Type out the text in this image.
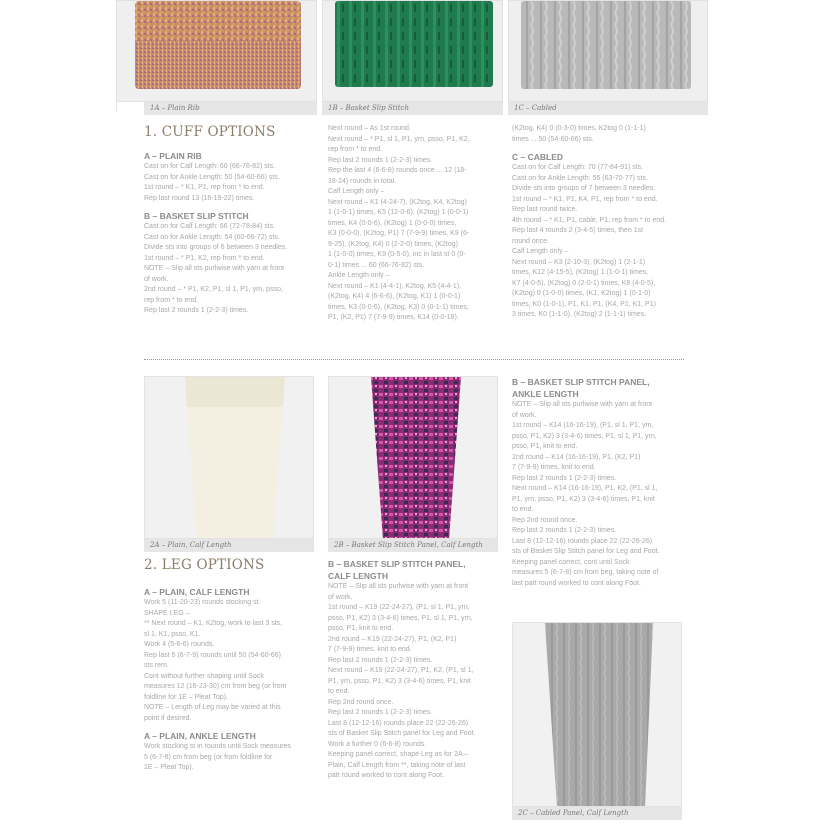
1A – Plain Rib	1B – Basket Slip Stitch	1C – Cabled
1. CUFF OPTIONS
A – PLAIN RIB
Cast on for Calf Length: 60 (66-76-82) sts.
Cast on for Ankle Length: 50 (54-60-66) sts.
1st round – * K1, P1, rep from * to end.
Rep last round 13 (16-19-22) times.
B – BASKET SLIP STITCH
Cast on for Calf Length: 66 (72-78-84) sts.
Cast on for Ankle Length: 54 (60-66-72) sts.
Divide sts into groups of 6 between 3 needles.
1st round – * P1, K2, rep from * to end.
NOTE – Slip all sts purlwise with yarn at front
of work.
2nd round – * P1, K2, P1, sl 1, P1, yrn, psso,
rep from * to end.
Rep last 2 rounds 1 (2-2-3) times.
Next round – As 1st round.
Next round – * P1, sl 1, P1, yrn, psso, P1, K2,
rep from * to end.
Rep last 2 rounds 1 (2-2-3) times.
Rep the last 4 (6-6-8) rounds once ... 12 (18-
18-24) rounds in total.
Calf Length only –
Next round – K1 (4-24-7), (K2tog, K4, K2tog)
1 (1-0-1) times, K5 (12-0-6), (K2tog) 1 (0-0-1)
times, K4 (0-0-6), (K2tog) 1 (0-0-0) times,
K3 (0-0-0), (K2tog, P1) 7 (7-9-9) times, K9 (6-
9-25), (K2tog, K4) 0 (2-2-0) times, (K2tog)
1 (1-0-0) times, K9 (0-5-0), inc in last st 0 (0-
0-1) times ... 60 (66-76-82) sts.
Ankle Length only –
Next round – K1 (4-4-1), K2tog, K5 (4-4-1),
(K2tog, K4) 4 (6-6-6), (K2tog, K1) 1 (0-0-1)
times, K3 (0-0-6), (K2tog, K3) 0 (0-1-1) times,
P1, (K2, P1) 7 (7-9-9) times, K14 (0-0-18).
(K2tog, K4) 0 (0-3-0) times, K2tog 0 (1-1-1)
times ... 50 (54-60-66) sts.
C – CABLED
Cast on for Calf Length: 70 (77-84-91) sts.
Cast on for Ankle Length: 56 (63-70-77) sts.
Divide sts into groups of 7 between 3 needles.
1st round – * K1, P1, K4, P1, rep from * to end.
Rep last round twice.
4th round – * K1, P1, cable, P1, rep from * to end.
Rep last 4 rounds 2 (3-4-5) times, then 1st
round once.
Calf Length only –
Next round – K3 (2-10-3), (K2tog) 1 (2-1-1)
times, K12 (4-15-5), (K2tog) 1 (1-0-1) times,
K7 (4-0-5), (K2tog) 0 (2-0-1) times, K8 (4-0-5),
(K2tog) 0 (1-0-0) times, (K1, K2tog) 1 (0-1-0)
times, K0 (1-0-1), P1, K1, P1, (K4, P1, K1, P1)
3 times, K0 (1-1-0), (K2tog) 2 (1-1-1) times.
2A – Plain, Calf Length	2B – Basket Slip Stitch Panel, Calf Length
B – BASKET SLIP STITCH PANEL,
ANKLE LENGTH
NOTE – Slip all sts purlwise with yarn at front
of work.
1st round – K14 (16-16-19), (P1, sl 1, P1, yrn,
psso, P1, K2) 3 (3-4-6) times, P1, sl 1, P1, yrn,
psso, P1, knit to end.
2nd round – K14 (16-16-19), P1, (K2, P1)
7 (7-9-9) times, knit to end.
Rep last 2 rounds 1 (2-2-3) times.
Next round – K14 (16-16-19), P1, K2, (P1, sl 1,
P1, yrn, psso, P1, K2) 3 (3-4-6) times, P1, knit
to end.
Rep 2nd round once.
Rep last 2 rounds 1 (2-2-3) times.
Last 8 (12-12-16) rounds place 22 (22-26-26)
sts of Basket Slip Stitch panel for Leg and Foot.
Keeping panel correct, cont until Sock
measures 5 (6-7-8) cm from beg, taking note of
last patt round worked to cont along Foot.
2. LEG OPTIONS
A – PLAIN, CALF LENGTH
Work 5 (11-20-23) rounds stocking st.
SHAPE LEG –
** Next round – K1, K2tog, work to last 3 sts,
sl 1, K1, psso, K1.
Work 4 (5-6-6) rounds.
Rep last 5 (6-7-9) rounds until 50 (54-60-66)
sts rem.
Cont without further shaping until Sock
measures 12 (16-23-30) cm from beg (or from
foldline for 1E – Pleat Top).
NOTE – Length of Leg may be varied at this
point if desired.
A – PLAIN, ANKLE LENGTH
Work stocking st in rounds until Sock measures
5 (6-7-8) cm from beg (or from foldline for
1E – Pleat Top).
B – BASKET SLIP STITCH PANEL,
CALF LENGTH
NOTE – Slip all sts purlwise with yarn at front
of work.
1st round – K19 (22-24-27), (P1, sl 1, P1, yrn,
psso, P1, K2) 3 (3-4-6) times, P1, sl 1, P1, yrn,
psso, P1, knit to end.
2nd round – K19 (22-24-27), P1, (K2, P1)
7 (7-9-9) times, knit to end.
Rep last 2 rounds 1 (2-2-3) times.
Next round – K19 (22-24-27), P1, K2, (P1, sl 1,
P1, yrn, psso, P1, K2) 3 (3-4-6) times, P1, knit
to end.
Rep 2nd round once.
Rep last 2 rounds 1 (2-2-3) times.
Last 8 (12-12-16) rounds place 22 (22-26-26)
sts of Basket Slip Stitch panel for Leg and Foot.
Work a further 0 (6-6-8) rounds.
Keeping panel correct, shape Leg as for 2A –
Plain, Calf Length from **, taking note of last
patt round worked to cont along Foot.
2C – Cabled Panel, Calf Length
